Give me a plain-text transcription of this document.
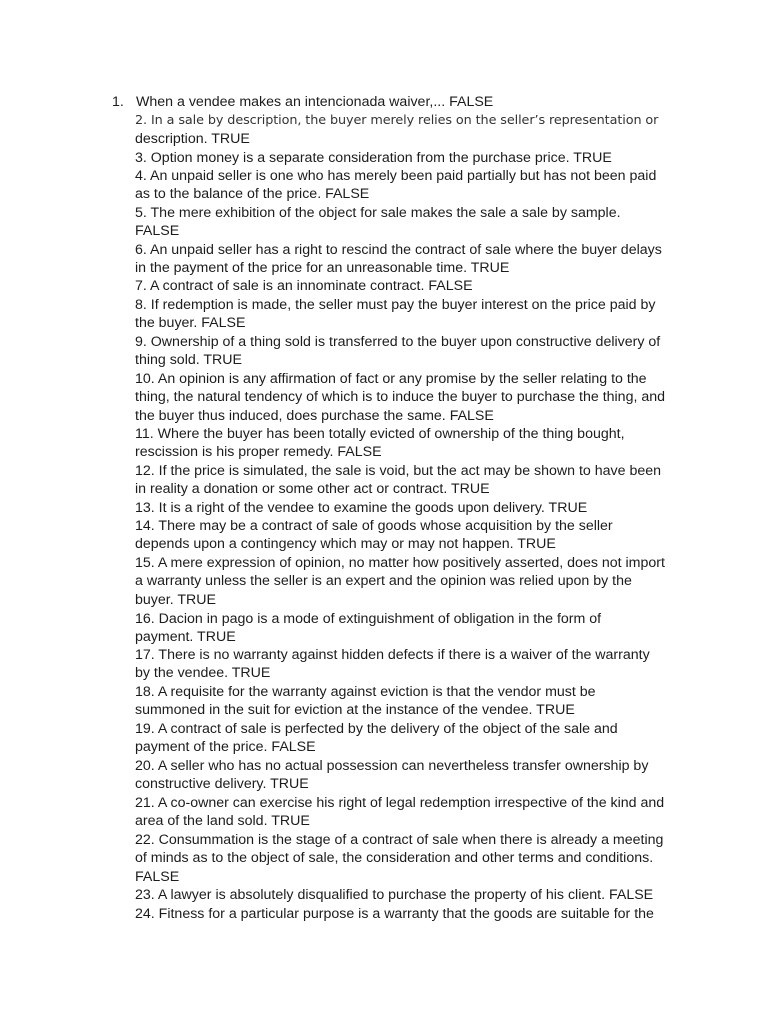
1. When a vendee makes an intencionada waiver,... FALSE

2. In a sale by description, the buyer merely relies on the seller’s representation or

description. TRUE

3. Option money is a separate consideration from the purchase price. TRUE

4. An unpaid seller is one who has merely been paid partially but has not been paid
as to the balance of the price. FALSE

5. The mere exhibition of the object for sale makes the sale a sale by sample.
FALSE

6. An unpaid seller has a right to rescind the contract of sale where the buyer delays
in the payment of the price for an unreasonable time. TRUE

7. A contract of sale is an innominate contract. FALSE

8. If redemption is made, the seller must pay the buyer interest on the price paid by
the buyer. FALSE

9. Ownership of a thing sold is transferred to the buyer upon constructive delivery of
thing sold. TRUE

10. An opinion is any affirmation of fact or any promise by the seller relating to the
thing, the natural tendency of which is to induce the buyer to purchase the thing, and
the buyer thus induced, does purchase the same. FALSE

11. Where the buyer has been totally evicted of ownership of the thing bought,
rescission is his proper remedy. FALSE

12. If the price is simulated, the sale is void, but the act may be shown to have been
in reality a donation or some other act or contract. TRUE

13. It is a right of the vendee to examine the goods upon delivery. TRUE

14. There may be a contract of sale of goods whose acquisition by the seller
depends upon a contingency which may or may not happen. TRUE

15. A mere expression of opinion, no matter how positively asserted, does not import
a warranty unless the seller is an expert and the opinion was relied upon by the
buyer. TRUE

16. Dacion in pago is a mode of extinguishment of obligation in the form of
payment. TRUE

17. There is no warranty against hidden defects if there is a waiver of the warranty
by the vendee. TRUE

18. A requisite for the warranty against eviction is that the vendor must be
summoned in the suit for eviction at the instance of the vendee. TRUE

19. A contract of sale is perfected by the delivery of the object of the sale and
payment of the price. FALSE

20. A seller who has no actual possession can nevertheless transfer ownership by
constructive delivery. TRUE

21. A co-owner can exercise his right of legal redemption irrespective of the kind and
area of the land sold. TRUE

22. Consummation is the stage of a contract of sale when there is already a meeting
of minds as to the object of sale, the consideration and other terms and conditions.
FALSE

23. A lawyer is absolutely disqualified to purchase the property of his client. FALSE

24. Fitness for a particular purpose is a warranty that the goods are suitable for the
